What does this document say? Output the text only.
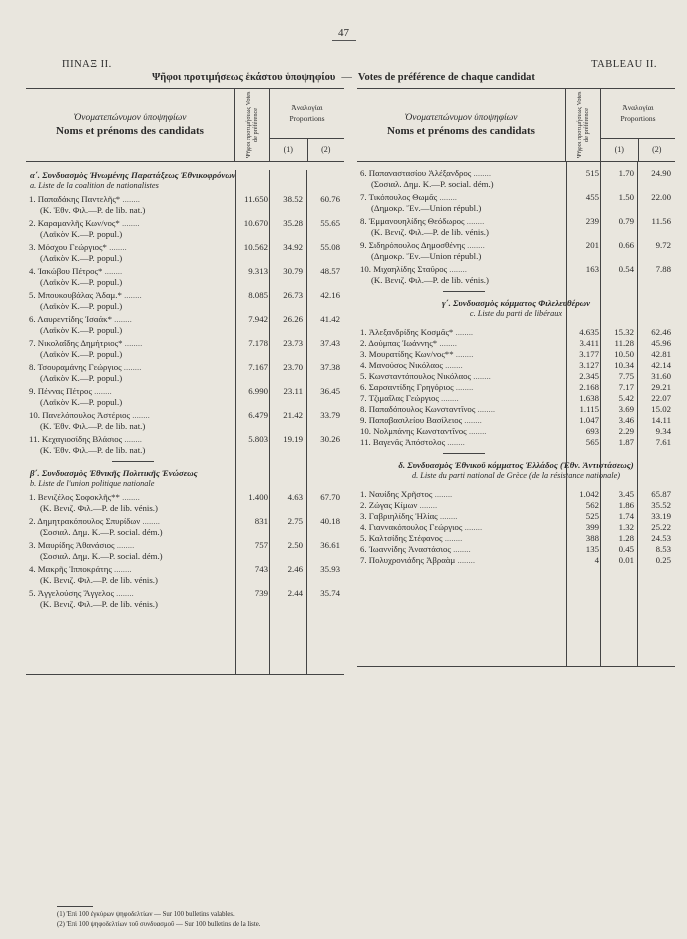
47
ΠΙΝΑΞ ΙΙ.	TABLEAU II.
Ψῆφοι προτιμήσεως ἑκάστου ὑποψηφίου — Votes de préférence de chaque candidat
Ὀνοματεπώνυμον ὑποψηφίων
Noms et prénoms des candidats	Ψῆφοι προτιμήσεως Votes de préférence
Ἀναλογίαι
Proportions
(1)	(2)
α΄. Συνδυασμὸς Ἡνωμένης Παρατάξεως Ἐθνικοφρόνων
a. Liste de la coalition de nationalistes
1. Παπαδάκης Παντελῆς* ........
(Κ. Ἐθν. Φιλ.—P. de lib. nat.)
11.650	38.52	60.76
2. Καραμανλῆς Κων/νος* ........
(Λαϊκὸν Κ.—P. popul.)
10.670	35.28	55.65
3. Μόσχου Γεώργιος* ........
(Λαϊκὸν Κ.—P. popul.)
10.562	34.92	55.08
4. Ἰακώβου Πέτρος* ........
(Λαϊκὸν Κ.—P. popul.)
9.313	30.79	48.57
5. Μπουκουβάλας Ἀδαμ.* ........
(Λαϊκὸν Κ.—P. popul.)
8.085	26.73	42.16
6. Λαυρεντίδης Ἰσαάκ* ........
(Λαϊκὸν Κ.—P. popul.)
7.942	26.26	41.42
7. Νικολαΐδης Δημήτριος* ........
(Λαϊκὸν Κ.—P. popul.)
7.178	23.73	37.43
8. Τσουραμάνης Γεώργιος ........
(Λαϊκὸν Κ.—P. popul.)
7.167	23.70	37.38
9. Πέννας Πέτρος ........
(Λαϊκὸν Κ.—P. popul.)
6.990	23.11	36.45
10. Πανελόπουλος Ἀστέριος ........
(Κ. Ἐθν. Φιλ.—P. de lib. nat.)
6.479	21.42	33.79
11. Κεχαγιοσίδης Βλάσιος ........
(Κ. Ἐθν. Φιλ.—P. de lib. nat.)
5.803	19.19	30.26
β΄. Συνδυασμὸς Ἐθνικῆς Πολιτικῆς Ἑνώσεως
b. Liste de l'union politique nationale
1. Βενιζέλος Σοφοκλῆς** ........
(Κ. Βενιζ. Φιλ.—P. de lib. vénis.)
1.400	4.63	67.70
2. Δημητρακόπουλος Σπυρίδων ........
(Σοσιαλ. Δημ. Κ.—P. social. dém.)
831	2.75	40.18
3. Μαυρίδης Ἀθανάσιος ........
(Σοσιαλ. Δημ. Κ.—P. social. dém.)
757	2.50	36.61
4. Μακρῆς Ἱπποκράτης ........
(Κ. Βενιζ. Φιλ.—P. de lib. vénis.)
743	2.46	35.93
5. Ἀγγελούσης Ἄγγελος ........
(Κ. Βενιζ. Φιλ.—P. de lib. vénis.)
739	2.44	35.74
Ὀνοματεπώνυμον ὑποψηφίων
Noms et prénoms des candidats	Ψῆφοι προτιμήσεως Votes de préférence
Ἀναλογίαι
Proportions
(1)	(2)
6. Παπαναστασίου Ἀλέξανδρος ........
(Σοσιαλ. Δημ. Κ.—P. social. dém.)
515	1.70	24.90
7. Τικόπουλος Θωμᾶς ........
(Δημοκρ. Ἕν.—Union républ.)
455	1.50	22.00
8. Ἐμμανουηλίδης Θεόδωρος ........
(Κ. Βενιζ. Φιλ.—P. de lib. vénis.)
239	0.79	11.56
9. Σιδηρόπουλος Δημοσθένης ........
(Δημοκρ. Ἕν.—Union républ.)
201	0.66	9.72
10. Μιχαηλίδης Σταῦρος ........
(Κ. Βενιζ. Φιλ.—P. de lib. vénis.)
163	0.54	7.88
γ΄. Συνδυασμὸς κόμματος Φιλελευθέρων
c. Liste du parti de libéraux
1. Ἀλεξανδρίδης Κοσμᾶς* ........	4.635	15.32	62.46
2. Δούμπας Ἰωάννης* ........	3.411	11.28	45.96
3. Μουρατίδης Κων/νος** ........	3.177	10.50	42.81
4. Μανούσος Νικόλαος ........	3.127	10.34	42.14
5. Κωνσταντόπουλος Νικόλαος ........	2.345	7.75	31.60
6. Σαρσαντίδης Γρηγόριος ........	2.168	7.17	29.21
7. Τζιμαΐλας Γεώργιος ........	1.638	5.42	22.07
8. Παπαδόπουλος Κωνσταντῖνος ........	1.115	3.69	15.02
9. Παπαβασιλείου Βασίλειος ........	1.047	3.46	14.11
10. Νολμπάνης Κωνσταντῖνος ........	693	2.29	9.34
11. Βαγενᾶς Ἀπόστολος ........	565	1.87	7.61
δ. Συνδυασμὸς Ἐθνικοῦ κόμματος Ἑλλάδος (Ἐθν. Ἀντιστάσεως)
d. Liste du parti national de Grèce (de la résistance nationale)
1. Ναυίδης Χρῆστος ........	1.042	3.45	65.87
2. Ζώγας Κίμων ........	562	1.86	35.52
3. Γαβριηλίδης Ἡλίας ........	525	1.74	33.19
4. Γιαννακόπουλος Γεώργιος ........	399	1.32	25.22
5. Καλτσίδης Στέφανος ........	388	1.28	24.53
6. Ἰωαννίδης Ἀναστάσιος ........	135	0.45	8.53
7. Πολυχρονιάδης Ἀβραὰμ ........	4	0.01	0.25
(1) Ἐπὶ 100 ἐγκύρων ψηφοδελτίων — Sur 100 bulletins valables.
(2) Ἐπὶ 100 ψηφοδελτίων τοῦ συνδυασμοῦ — Sur 100 bulletins de la liste.
